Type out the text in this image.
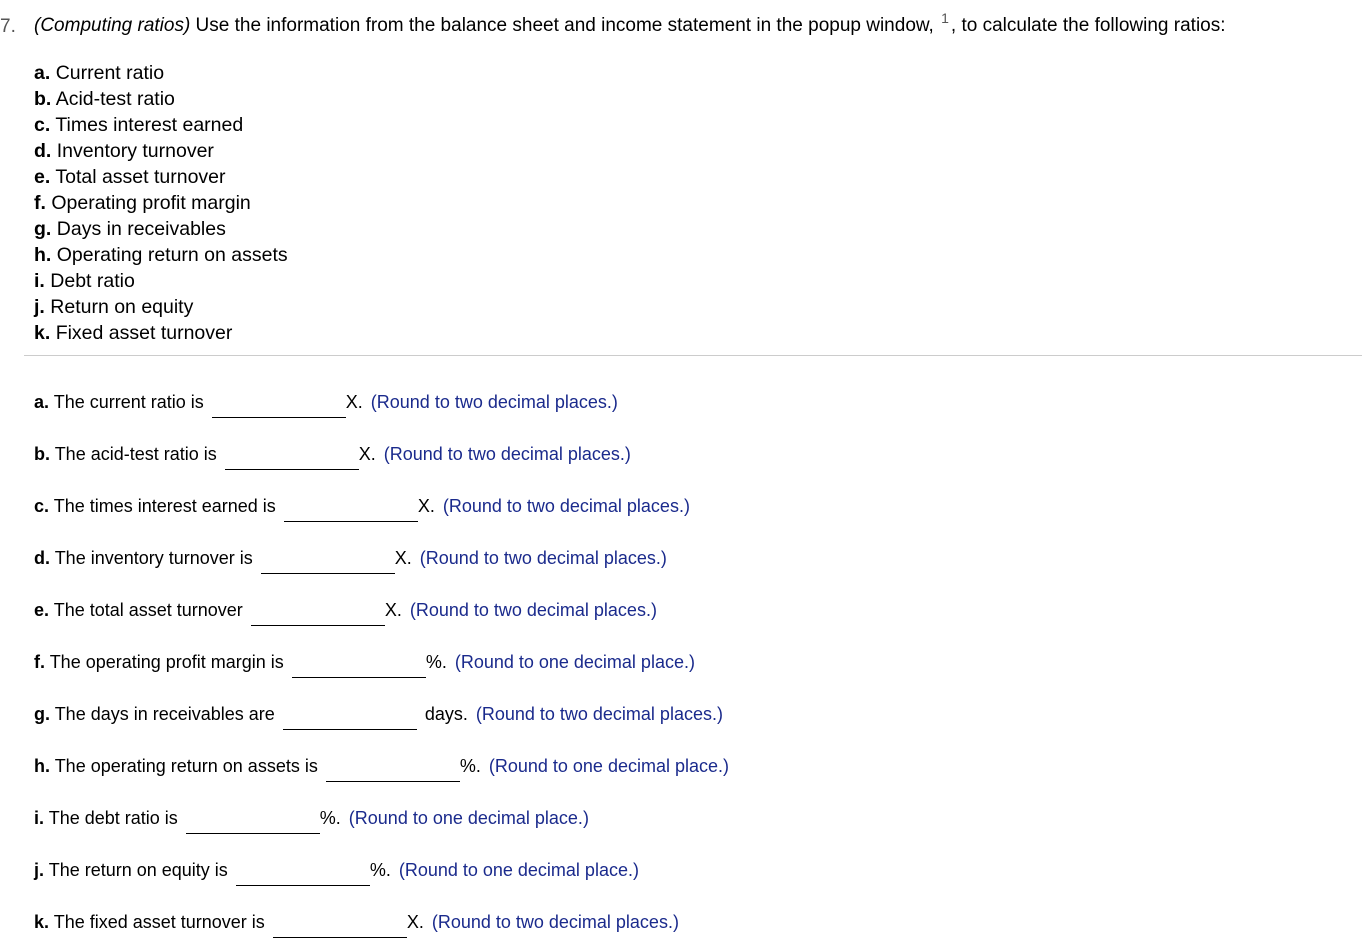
7. (Computing ratios) Use the information from the balance sheet and income statement in the popup window, $^1$ , to calculate the following ratios:
a. Current ratio
b. Acid-test ratio
c. Times interest earned
d. Inventory turnover
e. Total asset turnover
f. Operating profit margin
g. Days in receivables
h. Operating return on assets
i. Debt ratio
j. Return on equity
k. Fixed asset turnover
a. The current ratio is	X. (Round to two decimal places.)
b. The acid-test ratio is	X. (Round to two decimal places.)
c. The times interest earned is	X. (Round to two decimal places.)
d. The inventory turnover is	X. (Round to two decimal places.)
e. The total asset turnover	X. (Round to two decimal places.)
f. The operating profit margin is	%. (Round to one decimal place.)
g. The days in receivables are	days. (Round to two decimal places.)
h. The operating return on assets is	%. (Round to one decimal place.)
i. The debt ratio is	%. (Round to one decimal place.)
j. The return on equity is	%. (Round to one decimal place.)
k. The fixed asset turnover is	X. (Round to two decimal places.)
